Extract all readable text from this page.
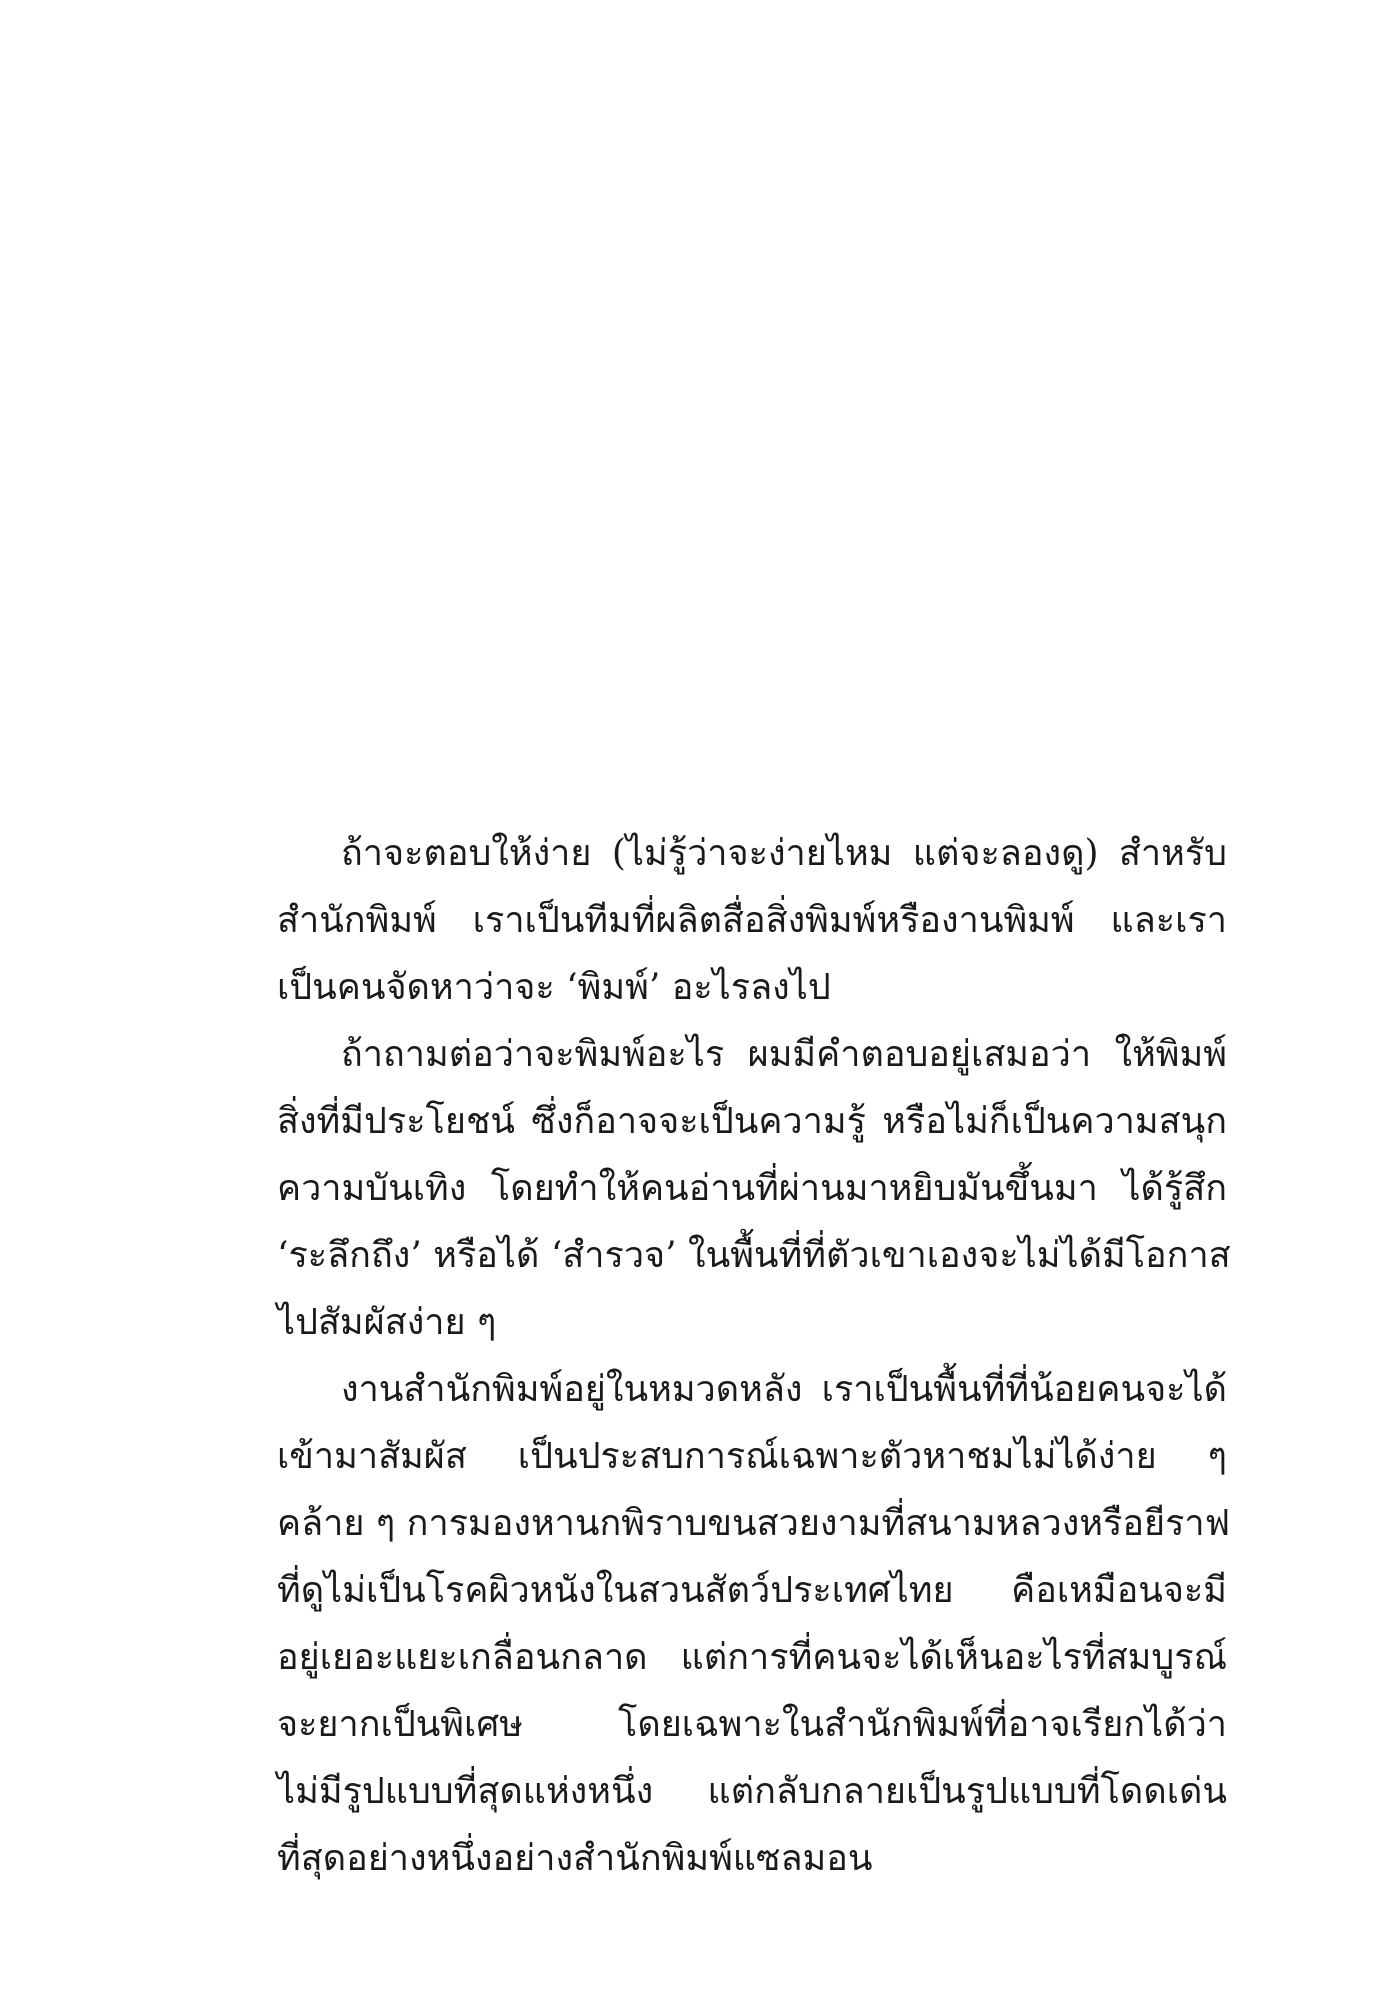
ถ้าจะตอบให้ง่าย (ไม่รู้ว่าจะง่ายไหม แต่จะลองดู) สำหรับ
สำนักพิมพ์ เราเป็นทีมที่ผลิตสื่อสิ่งพิมพ์หรืองานพิมพ์ และเรา
เป็นคนจัดหาว่าจะ ‘พิมพ์’ อะไรลงไป
ถ้าถามต่อว่าจะพิมพ์อะไร ผมมีคำตอบอยู่เสมอว่า ให้พิมพ์
สิ่งที่มีประโยชน์ ซึ่งก็อาจจะเป็นความรู้ หรือไม่ก็เป็นความสนุก
ความบันเทิง โดยทำให้คนอ่านที่ผ่านมาหยิบมันขึ้นมา ได้รู้สึก
‘ระลึกถึง’ หรือได้ ‘สำรวจ’ ในพื้นที่ที่ตัวเขาเองจะไม่ได้มีโอกาส
ไปสัมผัสง่าย ๆ
งานสำนักพิมพ์อยู่ในหมวดหลัง เราเป็นพื้นที่ที่น้อยคนจะได้
เข้ามาสัมผัส เป็นประสบการณ์เฉพาะตัวหาชมไม่ได้ง่าย ๆ
คล้าย ๆ การมองหานกพิราบขนสวยงามที่สนามหลวงหรือยีราฟ
ที่ดูไม่เป็นโรคผิวหนังในสวนสัตว์ประเทศไทย คือเหมือนจะมี
อยู่เยอะแยะเกลื่อนกลาด แต่การที่คนจะได้เห็นอะไรที่สมบูรณ์
จะยากเป็นพิเศษ โดยเฉพาะในสำนักพิมพ์ที่อาจเรียกได้ว่า
ไม่มีรูปแบบที่สุดแห่งหนึ่ง แต่กลับกลายเป็นรูปแบบที่โดดเด่น
ที่สุดอย่างหนึ่งอย่างสำนักพิมพ์แซลมอน
